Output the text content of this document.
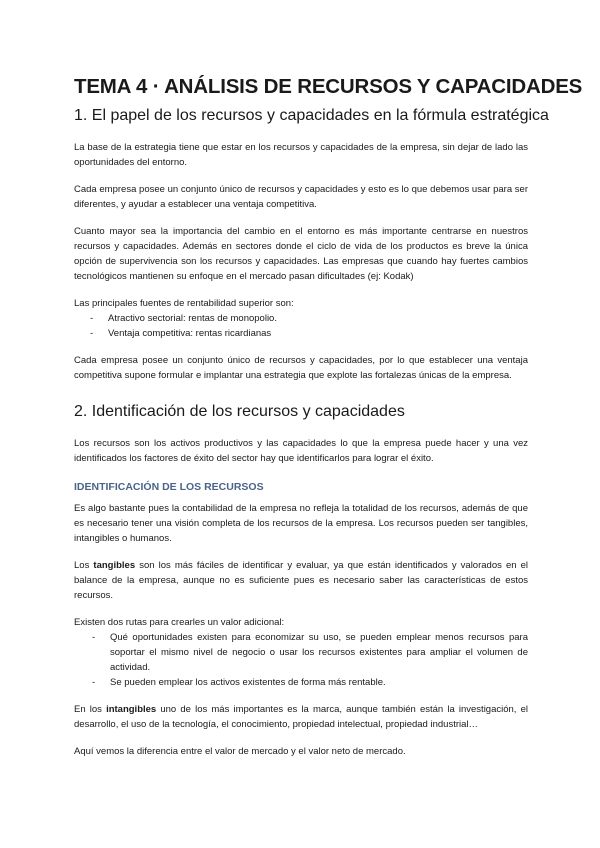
TEMA 4 · ANÁLISIS DE RECURSOS Y CAPACIDADES
1. El papel de los recursos y capacidades en la fórmula estratégica

La base de la estrategia tiene que estar en los recursos y capacidades de la empresa, sin dejar de lado las oportunidades del entorno.

Cada empresa posee un conjunto único de recursos y capacidades y esto es lo que debemos usar para ser diferentes, y ayudar a establecer una ventaja competitiva.

Cuanto mayor sea la importancia del cambio en el entorno es más importante centrarse en nuestros recursos y capacidades. Además en sectores donde el ciclo de vida de los productos es breve la única opción de supervivencia son los recursos y capacidades. Las empresas que cuando hay fuertes cambios tecnológicos mantienen su enfoque en el mercado pasan dificultades (ej: Kodak)

Las principales fuentes de rentabilidad superior son:

- Atractivo sectorial: rentas de monopolio.
- Ventaja competitiva: rentas ricardianas

Cada empresa posee un conjunto único de recursos y capacidades, por lo que establecer una ventaja competitiva supone formular e implantar una estrategia que explote las fortalezas únicas de la empresa.

2. Identificación de los recursos y capacidades

Los recursos son los activos productivos y las capacidades lo que la empresa puede hacer y una vez identificados los factores de éxito del sector hay que identificarlos para lograr el éxito.

IDENTIFICACIÓN DE LOS RECURSOS

Es algo bastante pues la contabilidad de la empresa no refleja la totalidad de los recursos, además de que es necesario tener una visión completa de los recursos de la empresa. Los recursos pueden ser tangibles, intangibles o humanos.

Los tangibles son los más fáciles de identificar y evaluar, ya que están identificados y valorados en el balance de la empresa, aunque no es suficiente pues es necesario saber las características de estos recursos.

Existen dos rutas para crearles un valor adicional:

- Qué oportunidades existen para economizar su uso, se pueden emplear menos recursos para soportar el mismo nivel de negocio o usar los recursos existentes para ampliar el volumen de actividad.
- Se pueden emplear los activos existentes de forma más rentable.

En los intangibles uno de los más importantes es la marca, aunque también están la investigación, el desarrollo, el uso de la tecnología, el conocimiento, propiedad intelectual, propiedad industrial…

Aquí vemos la diferencia entre el valor de mercado y el valor neto de mercado.
